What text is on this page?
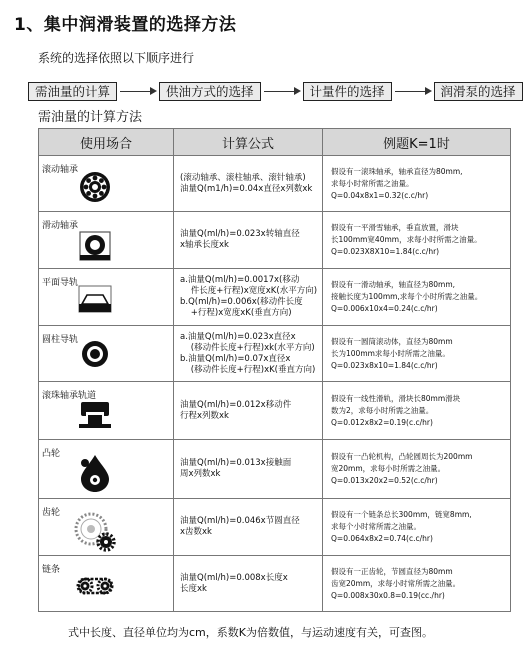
1、集中润滑装置的选择方法
系统的选择依照以下顺序进行
需油量的计算	供油方式的选择	计量件的选择	润滑泵的选择
需油量的计算方法
使用场合	计算公式	例题K=1时

滚动轴承	(滚动轴承、滚柱轴承、滚针轴承)
油量Q(m1/h)=0.04x直径x列数xk	假设有一滚珠轴承，轴承直径为80mm,
求每小时常所需之油量。
Q=0.04x8x1=0.32(c.c/hr)

滑动轴承	油量Q(ml/h)=0.023x转轴直径
x轴承长度xk	假设有一平滑雪轴承，垂直放置，滑块
长100mm宽40mm，求每小时所需之油量。
Q=0.023X8X10=1.84(c.c/hr)

平面导轨	a.油量Q(ml/h)=0.0017x(移动
件长度+行程)x宽度xK(水平方向)
b.Q(ml/h)=0.006x(移动件长度
+行程)x宽度xK(垂直方向)	假设有一滑动轴承，轴直径为80mm,
接触长度为100mm,求每个小时所需之油量。
Q=0.006x10x4=0.24(c.c/hr)

圆柱导轨	a.油量Q(ml/h)=0.023x直径x
(移动件长度+行程)xk(水平方向)
b.油量Q(ml/h)=0.07x直径x
(移动件长度+行程)xK(垂直方向)	假设有一圆筒滚动体，直径为80mm
长为100mm求每小时所需之油量。
Q=0.023x8x10=1.84(c.c/hr)

滚珠轴承轨道	油量Q(ml/h)=0.012x移动件
行程x列数xk	假设有一线性滑轨，滑块长80mm滑块
数为2，求每小时所需之油量。
Q=0.012x8x2=0.19(c.c/hr)

凸轮	油量Q(ml/h)=0.013x接触面
周x列数xk	假设有一凸轮机构，凸轮圆周长为200mm
宽20mm，求每小时所需之油量。
Q=0.013x20x2=0.52(c.c/hr)

齿轮	油量Q(ml/h)=0.046x节圆直径
x齿数xk	假设有一个链条总长300mm，链宽8mm,
求每个小时常所需之油量。
Q=0.064x8x2=0.74(c.c/hr)

链条	油量Q(ml/h)=0.008x长度x
长度xk	假设有一正齿轮，节圆直径为80mm
齿宽20mm，求每小时常所需之油量。
Q=0.008x30x0.8=0.19(cc./hr)
式中长度、直径单位均为cm，系数K为倍数值，与运动速度有关，可查图。
